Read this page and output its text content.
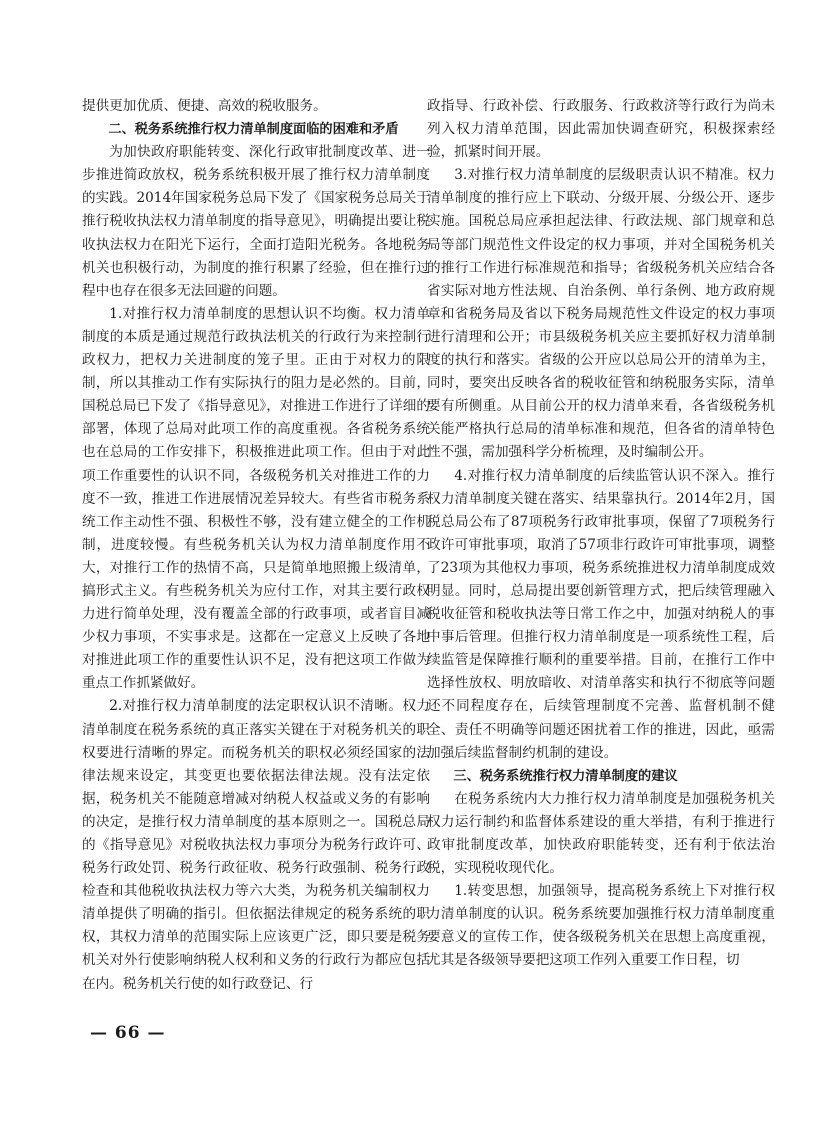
提供更加优质、便捷、高效的税收服务。

二、税务系统推行权力清单制度面临的困难和矛盾

为加快政府职能转变、深化行政审批制度改革、进一步推进简政放权，税务系统积极开展了推行权力清单制度的实践。2014年国家税务总局下发了《国家税务总局关于推行税收执法权力清单制度的指导意见》，明确提出要让税收执法权力在阳光下运行，全面打造阳光税务。各地税务机关也积极行动，为制度的推行积累了经验，但在推行过程中也存在很多无法回避的问题。

1.对推行权力清单制度的思想认识不均衡。权力清单制度的本质是通过规范行政执法机关的行政行为来控制行政权力，把权力关进制度的笼子里。正由于对权力的限制，所以其推动工作有实际执行的阻力是必然的。目前，国税总局已下发了《指导意见》，对推进工作进行了详细的部署，体现了总局对此项工作的高度重视。各省税务系统也在总局的工作安排下，积极推进此项工作。但由于对此项工作重要性的认识不同，各级税务机关对推进工作的力度不一致，推进工作进展情况差异较大。有些省市税务系统工作主动性不强、积极性不够，没有建立健全的工作机制，进度较慢。有些税务机关认为权力清单制度作用不大，对推行工作的热情不高，只是简单地照搬上级清单，搞形式主义。有些税务机关为应付工作，对其主要行政权力进行简单处理，没有覆盖全部的行政事项，或者盲目减少权力事项，不实事求是。这都在一定意义上反映了各地对推进此项工作的重要性认识不足，没有把这项工作做为重点工作抓紧做好。

2.对推行权力清单制度的法定职权认识不清晰。权力清单制度在税务系统的真正落实关键在于对税务机关的职权要进行清晰的界定。而税务机关的职权必须经国家的法律法规来设定，其变更也要依据法律法规。没有法定依据，税务机关不能随意增减对纳税人权益或义务的有影响的决定，是推行权力清单制度的基本原则之一。国税总局的《指导意见》对税收执法权力事项分为税务行政许可、税务行政处罚、税务行政征收、税务行政强制、税务行政检查和其他税收执法权力等六大类，为税务机关编制权力清单提供了明确的指引。但依据法律规定的税务系统的职权，其权力清单的范围实际上应该更广泛，即只要是税务机关对外行使影响纳税人权利和义务的行政行为都应包括在内。税务机关行使的如行政登记、行

政指导、行政补偿、行政服务、行政救济等行政行为尚未列入权力清单范围，因此需加快调查研究，积极探索经验，抓紧时间开展。

3.对推行权力清单制度的层级职责认识不精准。权力清单制度的推行应上下联动、分级开展、分级公开、逐步实施。国税总局应承担起法律、行政法规、部门规章和总局等部门规范性文件设定的权力事项，并对全国税务机关的推行工作进行标准规范和指导；省级税务机关应结合各省实际对地方性法规、自治条例、单行条例、地方政府规章和省税务局及省以下税务局规范性文件设定的权力事项进行清理和公开；市县级税务机关应主要抓好权力清单制度的执行和落实。省级的公开应以总局公开的清单为主，同时，要突出反映各省的税收征管和纳税服务实际，清单要有所侧重。从目前公开的权力清单来看，各省级税务机关能严格执行总局的清单标准和规范，但各省的清单特色性不强，需加强科学分析梳理，及时编制公开。

4.对推行权力清单制度的后续监管认识不深入。推行权力清单制度关键在落实、结果靠执行。2014年2月，国税总局公布了87项税务行政审批事项，保留了7项税务行政许可审批事项，取消了57项非行政许可审批事项，调整了23项为其他权力事项，税务系统推进权力清单制度成效明显。同时，总局提出要创新管理方式，把后续管理融入税收征管和税收执法等日常工作之中，加强对纳税人的事中事后管理。但推行权力清单制度是一项系统性工程，后续监管是保障推行顺利的重要举措。目前，在推行工作中选择性放权、明放暗收、对清单落实和执行不彻底等问题还不同程度存在，后续管理制度不完善、监督机制不健全、责任不明确等问题还困扰着工作的推进，因此，亟需加强后续监督制约机制的建设。

三、税务系统推行权力清单制度的建议

在税务系统内大力推行权力清单制度是加强税务机关权力运行制约和监督体系建设的重大举措，有利于推进行政审批制度改革，加快政府职能转变，还有利于依法治税，实现税收现代化。

1.转变思想，加强领导，提高税务系统上下对推行权力清单制度的认识。税务系统要加强推行权力清单制度重要意义的宣传工作，使各级税务机关在思想上高度重视，尤其是各级领导要把这项工作列入重要工作日程，切

— 66 —
